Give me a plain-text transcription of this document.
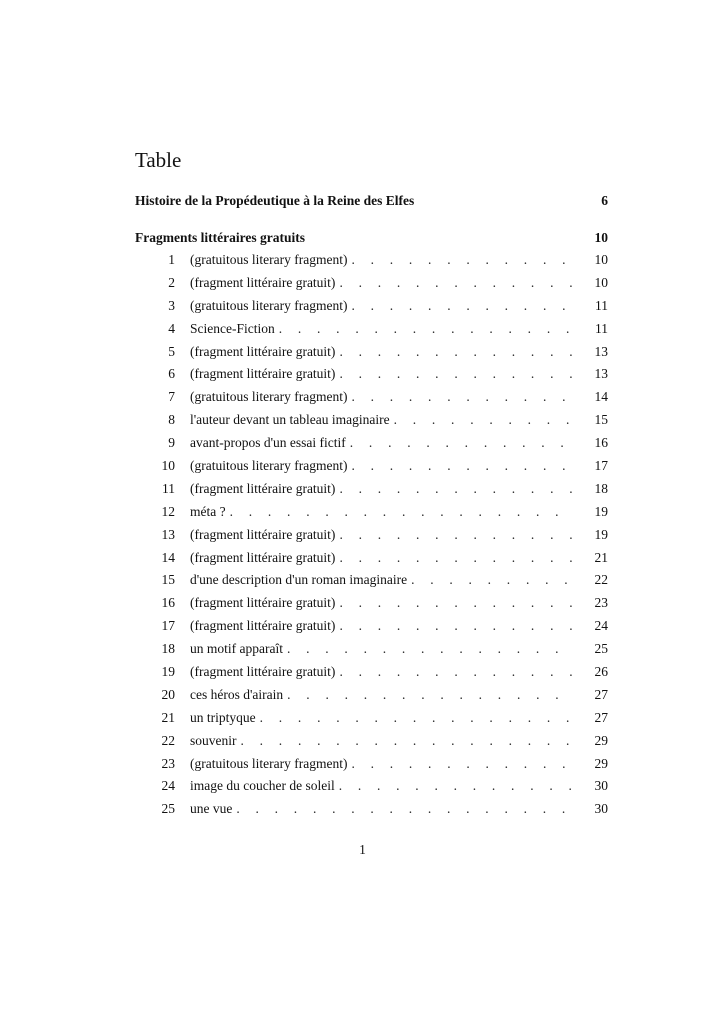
Table
Histoire de la Propédeutique à la Reine des Elfes	6
Fragments littéraires gratuits	10
1	(gratuitous literary fragment) . . .	10
2	(fragment littéraire gratuit) . . .	10
3	(gratuitous literary fragment) . . .	11
4	Science-Fiction . . .	11
5	(fragment littéraire gratuit) . . .	13
6	(fragment littéraire gratuit) . . .	13
7	(gratuitous literary fragment) . . .	14
8	l'auteur devant un tableau imaginaire . . .	15
9	avant-propos d'un essai fictif . . .	16
10	(gratuitous literary fragment) . . .	17
11	(fragment littéraire gratuit) . . .	18
12	méta ? . . .	19
13	(fragment littéraire gratuit) . . .	19
14	(fragment littéraire gratuit) . . .	21
15	d'une description d'un roman imaginaire . . .	22
16	(fragment littéraire gratuit) . . .	23
17	(fragment littéraire gratuit) . . .	24
18	un motif apparaît . . .	25
19	(fragment littéraire gratuit) . . .	26
20	ces héros d'airain . . .	27
21	un triptyque . . .	27
22	souvenir . . .	29
23	(gratuitous literary fragment) . . .	29
24	image du coucher de soleil . . .	30
25	une vue . . .	30
1
